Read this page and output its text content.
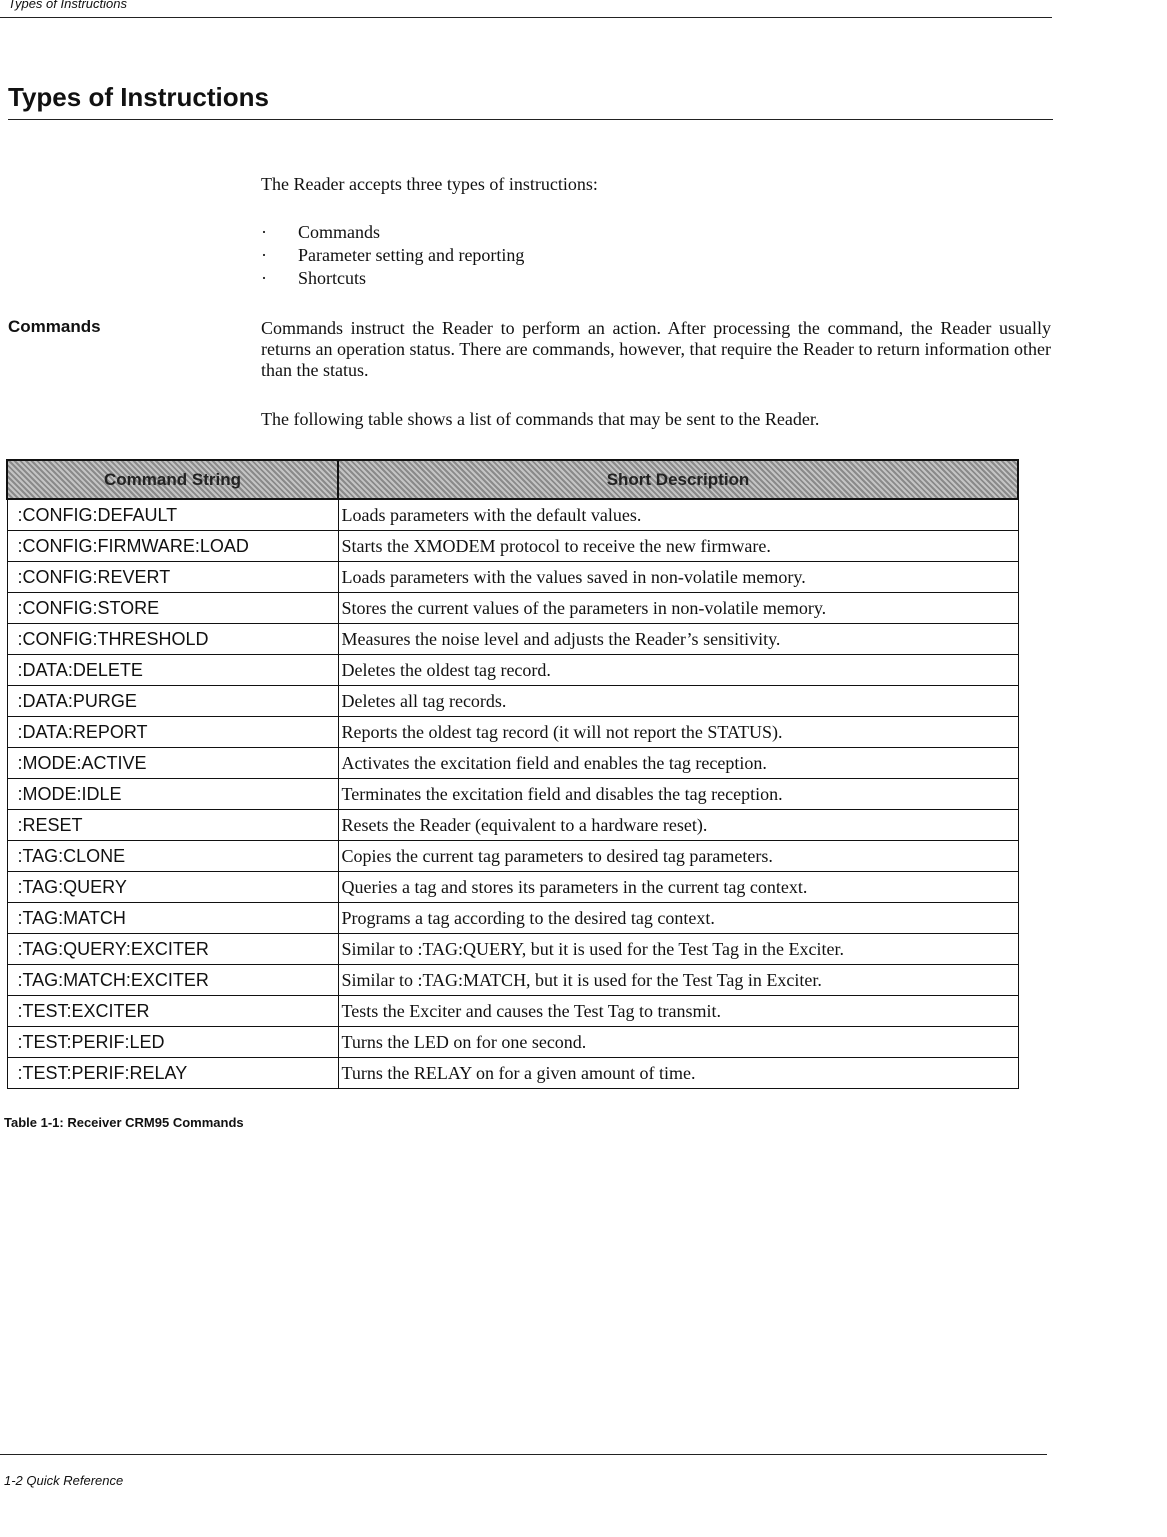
Types of Instructions
Types of Instructions

The Reader accepts three types of instructions:

· Commands
· Parameter setting and reporting
· Shortcuts
Commands	Commands instruct the Reader to perform an action. After processing the command, the Reader usually returns an operation status. There are commands, however, that require the Reader to return information other than the status.

The following table shows a list of commands that may be sent to the Reader.

Command String	Short Description
:CONFIG:DEFAULT	Loads parameters with the default values.
:CONFIG:FIRMWARE:LOAD	Starts the XMODEM protocol to receive the new firmware.
:CONFIG:REVERT	Loads parameters with the values saved in non-volatile memory.
:CONFIG:STORE	Stores the current values of the parameters in non-volatile memory.
:CONFIG:THRESHOLD	Measures the noise level and adjusts the Reader’s sensitivity.
:DATA:DELETE	Deletes the oldest tag record.
:DATA:PURGE	Deletes all tag records.
:DATA:REPORT	Reports the oldest tag record (it will not report the STATUS).
:MODE:ACTIVE	Activates the excitation field and enables the tag reception.
:MODE:IDLE	Terminates the excitation field and disables the tag reception.
:RESET	Resets the Reader (equivalent to a hardware reset).
:TAG:CLONE	Copies the current tag parameters to desired tag parameters.
:TAG:QUERY	Queries a tag and stores its parameters in the current tag context.
:TAG:MATCH	Programs a tag according to the desired tag context.
:TAG:QUERY:EXCITER	Similar to :TAG:QUERY, but it is used for the Test Tag in the Exciter.
:TAG:MATCH:EXCITER	Similar to :TAG:MATCH, but it is used for the Test Tag in Exciter.
:TEST:EXCITER	Tests the Exciter and causes the Test Tag to transmit.
:TEST:PERIF:LED	Turns the LED on for one second.
:TEST:PERIF:RELAY	Turns the RELAY on for a given amount of time.
Table 1-1: Receiver CRM95 Commands
1-2 Quick Reference
